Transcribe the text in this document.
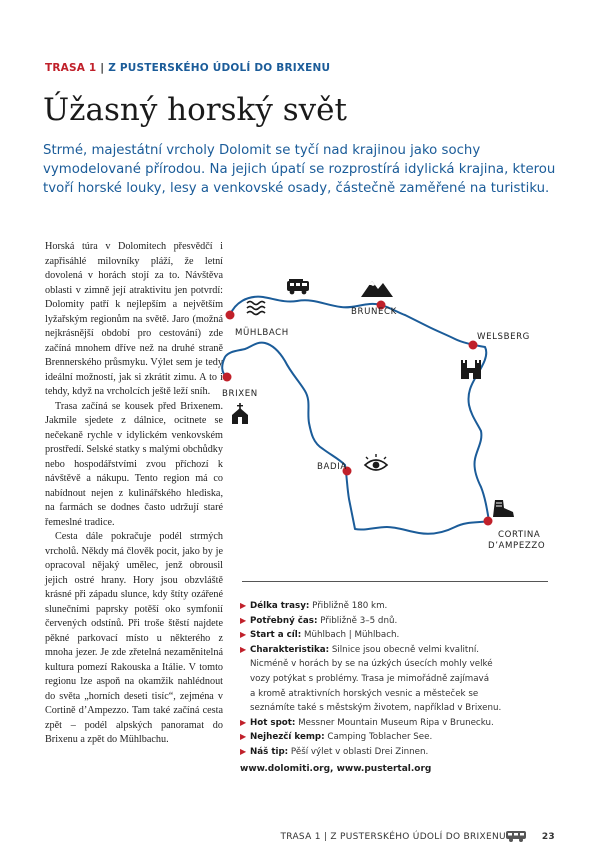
TRASA 1 | Z PUSTERSKÉHO ÚDOLÍ DO BRIXENU
Úžasný horský svět
Strmé, majestátní vrcholy Dolomit se tyčí nad krajinou jako sochy vymodelované přírodou. Na jejich úpatí se rozprostírá idylická krajina, kterou tvoří horské louky, lesy a venkovské osady, částečně zaměřené na turistiku.

Horská túra v Dolomitech přesvědčí i zapřisáhlé milovníky pláží, že letní dovolená v horách stojí za to. Návštěva oblasti v zimně její atraktivitu jen potvrdí: Dolomity patří k nejlepším a největším lyžařským regionům na světě. Jaro (možná nejkrásnější období pro cestování) zde začíná mnohem dříve než na druhé straně Brennerského průsmyku. Výlet sem je tedy ideální možností, jak si zkrátit zimu. A to i tehdy, když na vrcholcích ještě leží sníh.

Trasa začíná se kousek před Brixenem. Jakmile sjedete z dálnice, ocitnete se nečekaně rychle v idylickém venkovském prostředí. Selské statky s malými obchůdky nebo hospodářstvími zvou příchozí k návštěvě a nákupu. Tento region má co nabídnout nejen z kulinářského hlediska, na farmách se dodnes často udržují staré řemeslné tradice.

Cesta dále pokračuje podél strmých vrcholů. Někdy má člověk pocit, jako by je opracoval nějaký umělec, jenž obrousil jejich ostré hrany. Hory jsou obzvláště krásné při západu slunce, kdy štíty ozářené slunečními paprsky potěší oko symfonií červených odstínů. Při troše štěstí najdete pěkné parkovací místo u některého z mnoha jezer. Je zde zřetelná nezaměnitelná kultura pomezí Rakouska a Itálie. V tomto regionu lze aspoň na okamžik nahlédnout do světa „horních deseti tisíc“, zejména v Cortině d’Ampezzo. Tam také začíná cesta zpět – podél alpských panoramat do Brixenu a zpět do Mühlbachu.

MÜHLBACH
BRUNECK
WELSBERG
BRIXEN
BADIA
CORTINA
D’AMPEZZO
▶ Délka trasy: Přibližně 180 km.
▶ Potřebný čas: Přibližně 3–5 dnů.
▶ Start a cíl: Mühlbach | Mühlbach.
▶ Charakteristika: Silnice jsou obecně velmi kvalitní.
Nicméně v horách by se na úzkých úsecích mohly velké
vozy potýkat s problémy. Trasa je mimořádně zajímavá
a kromě atraktivních horských vesnic a městeček se
seznámíte také s městským životem, například v Brixenu.
▶ Hot spot: Messner Mountain Museum Ripa v Brunecku.
▶ Nejhezčí kemp: Camping Toblacher See.
▶ Náš tip: Pěší výlet v oblasti Drei Zinnen.
www.dolomiti.org, www.pustertal.org
TRASA 1 | Z PUSTERSKÉHO ÚDOLÍ DO BRIXENU	23
